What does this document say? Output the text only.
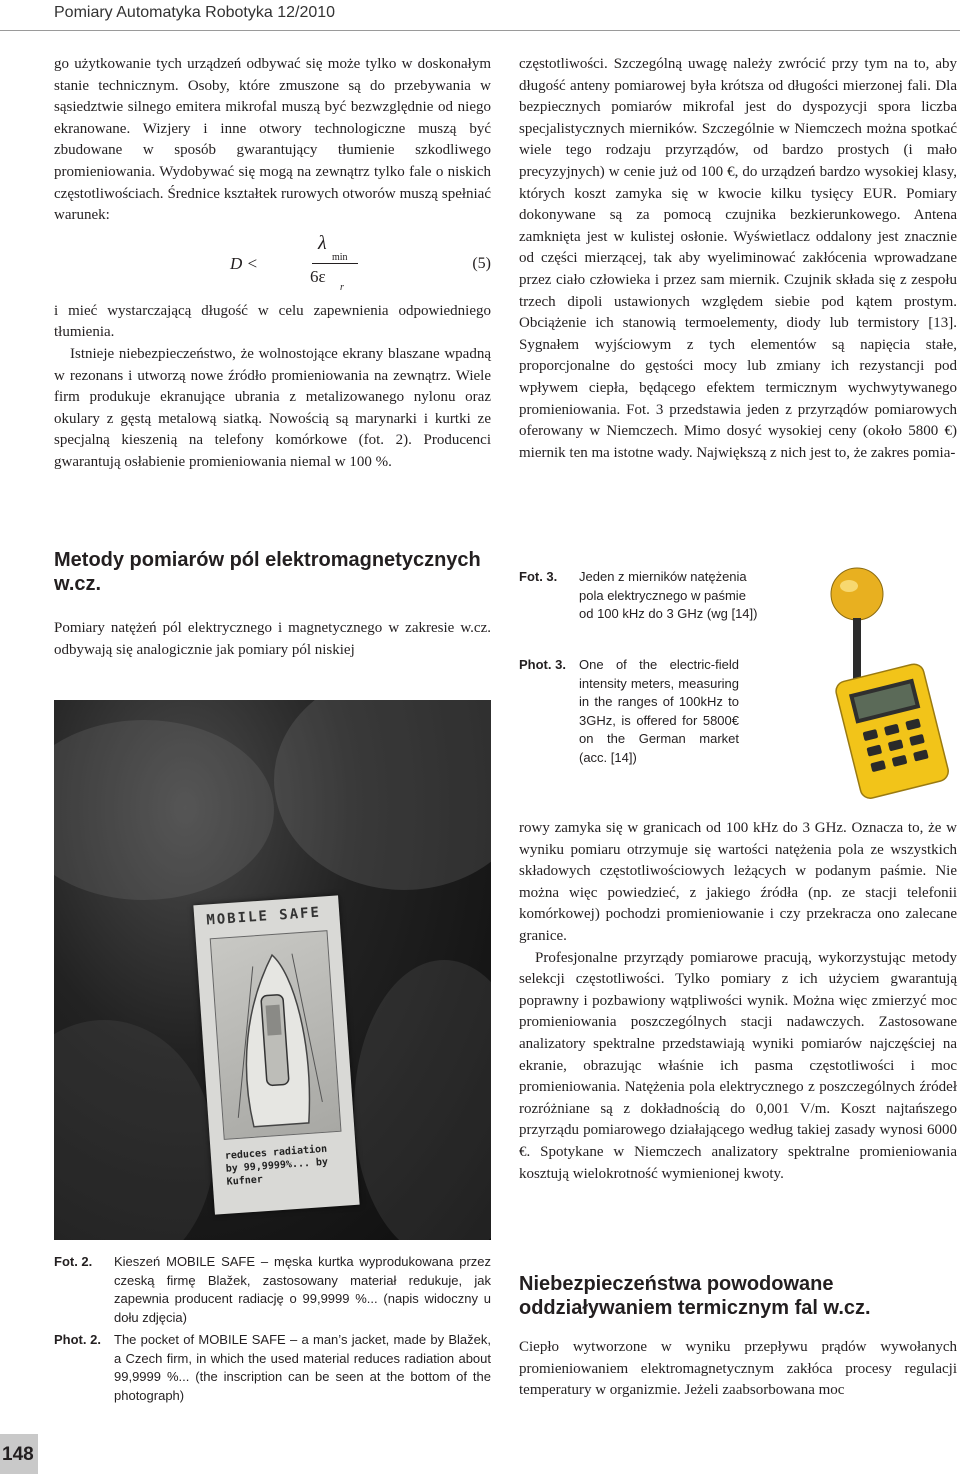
Pomiary Automatyka Robotyka 12/2010

go użytkowanie tych urządzeń odbywać się może tylko w doskonałym stanie technicznym. Osoby, które zmuszone są do przebywania w sąsiedztwie silnego emitera mikrofal muszą być bezwzględnie od niego ekranowane. Wizjery i inne otwory technologiczne muszą być zbudowane w sposób gwarantujący tłumienie szkodliwego promieniowania. Wydobywać się mogą na zewnątrz tylko fale o niskich częstotliwościach. Średnice kształtek rurowych otworów muszą spełniać warunek:

D <
λ
min
6ε
r
(5)

i mieć wystarczającą długość w celu zapewnienia odpowiedniego tłumienia.

Istnieje niebezpieczeństwo, że wolnostojące ekrany blaszane wpadną w rezonans i utworzą nowe źródło promieniowania na zewnątrz. Wiele firm produkuje ekranujące ubrania z metalizowanego nylonu oraz okulary z gęstą metalową siatką. Nowością są marynarki i kurtki ze specjalną kieszenią na telefony komórkowe (fot. 2). Producenci gwarantują osłabienie promieniowania niemal w 100 %.

Metody pomiarów pól elektromagnetycznych w.cz.

Pomiary natężeń pól elektrycznego i magnetycznego w zakresie w.cz. odbywają się analogicznie jak pomiary pól niskiej

MOBILE SAFE
reduces radiation by 99,9999%... by Kufner

częstotliwości. Szczególną uwagę należy zwrócić przy tym na to, aby długość anteny pomiarowej była krótsza od długości mierzonej fali. Dla bezpiecznych pomiarów mikrofal jest do dyspozycji spora liczba specjalistycznych mierników. Szczególnie w Niemczech można spotkać wiele tego rodzaju przyrządów, od bardzo prostych (i mało precyzyjnych) w cenie już od 100 €, do urządzeń bardzo wysokiej klasy, których koszt zamyka się w kwocie kilku tysięcy EUR. Pomiary dokonywane są za pomocą czujnika bezkierunkowego. Antena zamknięta jest w kulistej osłonie. Wyświetlacz oddalony jest znacznie od części mierzącej, tak aby wyeliminować zakłócenia wprowadzane przez ciało człowieka i przez sam miernik. Czujnik składa się z zespołu trzech dipoli ustawionych względem siebie pod kątem prostym. Obciążenie ich stanowią termoelementy, diody lub termistory [13]. Sygnałem wyjściowym z tych elementów są napięcia stałe, proporcjonalne do gęstości mocy lub zmiany ich rezystancji pod wpływem ciepła, będącego efektem termicznym wychwytywanego promieniowania. Fot. 3 przedstawia jeden z przyrządów pomiarowych oferowany w Niemczech. Mimo dosyć wysokiej ceny (około 5800 €) miernik ten ma istotne wady. Największą z nich jest to, że zakres pomia-

Fot. 3. Jeden z mierników natężenia pola elektrycznego w paśmie od 100 kHz do 3 GHz (wg [14])
Phot. 3. One of the electric-field intensity meters, measuring in the ranges of 100kHz to 3GHz, is offered for 5800€ on the German market (acc. [14])

rowy zamyka się w granicach od 100 kHz do 3 GHz. Oznacza to, że w wyniku pomiaru otrzymuje się wartości natężenia pola ze wszystkich składowych częstotliwościowych leżących w podanym paśmie. Nie można więc powiedzieć, z jakiego źródła (np. ze stacji telefonii komórkowej) pochodzi promieniowanie i czy przekracza ono zalecane granice.

Profesjonalne przyrządy pomiarowe pracują, wykorzystując metody selekcji częstotliwości. Tylko pomiary z ich użyciem gwarantują poprawny i pozbawiony wątpliwości wynik. Można więc zmierzyć moc promieniowania poszczególnych stacji nadawczych. Zastosowane analizatory spektralne przedstawiają wyniki pomiarów najczęściej na ekranie, obrazując właśnie ich pasma częstotliwości i moc promieniowania. Natężenia pola elektrycznego z poszczególnych źródeł rozróżniane są z dokładnością do 0,001 V/m. Koszt najtańszego przyrządu pomiarowego działającego według takiej zasady wynosi 6000 €. Spotykane w Niemczech analizatory spektralne promieniowania kosztują wielokrotność wymienionej kwoty.

Niebezpieczeństwa powodowane oddziaływaniem termicznym fal w.cz.

Ciepło wytworzone w wyniku przepływu prądów wywołanych promieniowaniem elektromagnetycznym zakłóca procesy regulacji temperatury w organizmie. Jeżeli zaabsorbowana moc

Fot. 2. Kieszeń MOBILE SAFE – męska kurtka wyprodukowana przez czeską firmę Blažek, zastosowany materiał redukuje, jak zapewnia producent radiację o 99,9999 %... (napis widoczny u dołu zdjęcia)
Phot. 2. The pocket of MOBILE SAFE – a man’s jacket, made by Blažek, a Czech firm, in which the used material reduces radiation about 99,9999 %... (the inscription can be seen at the bottom of the photograph)
148
